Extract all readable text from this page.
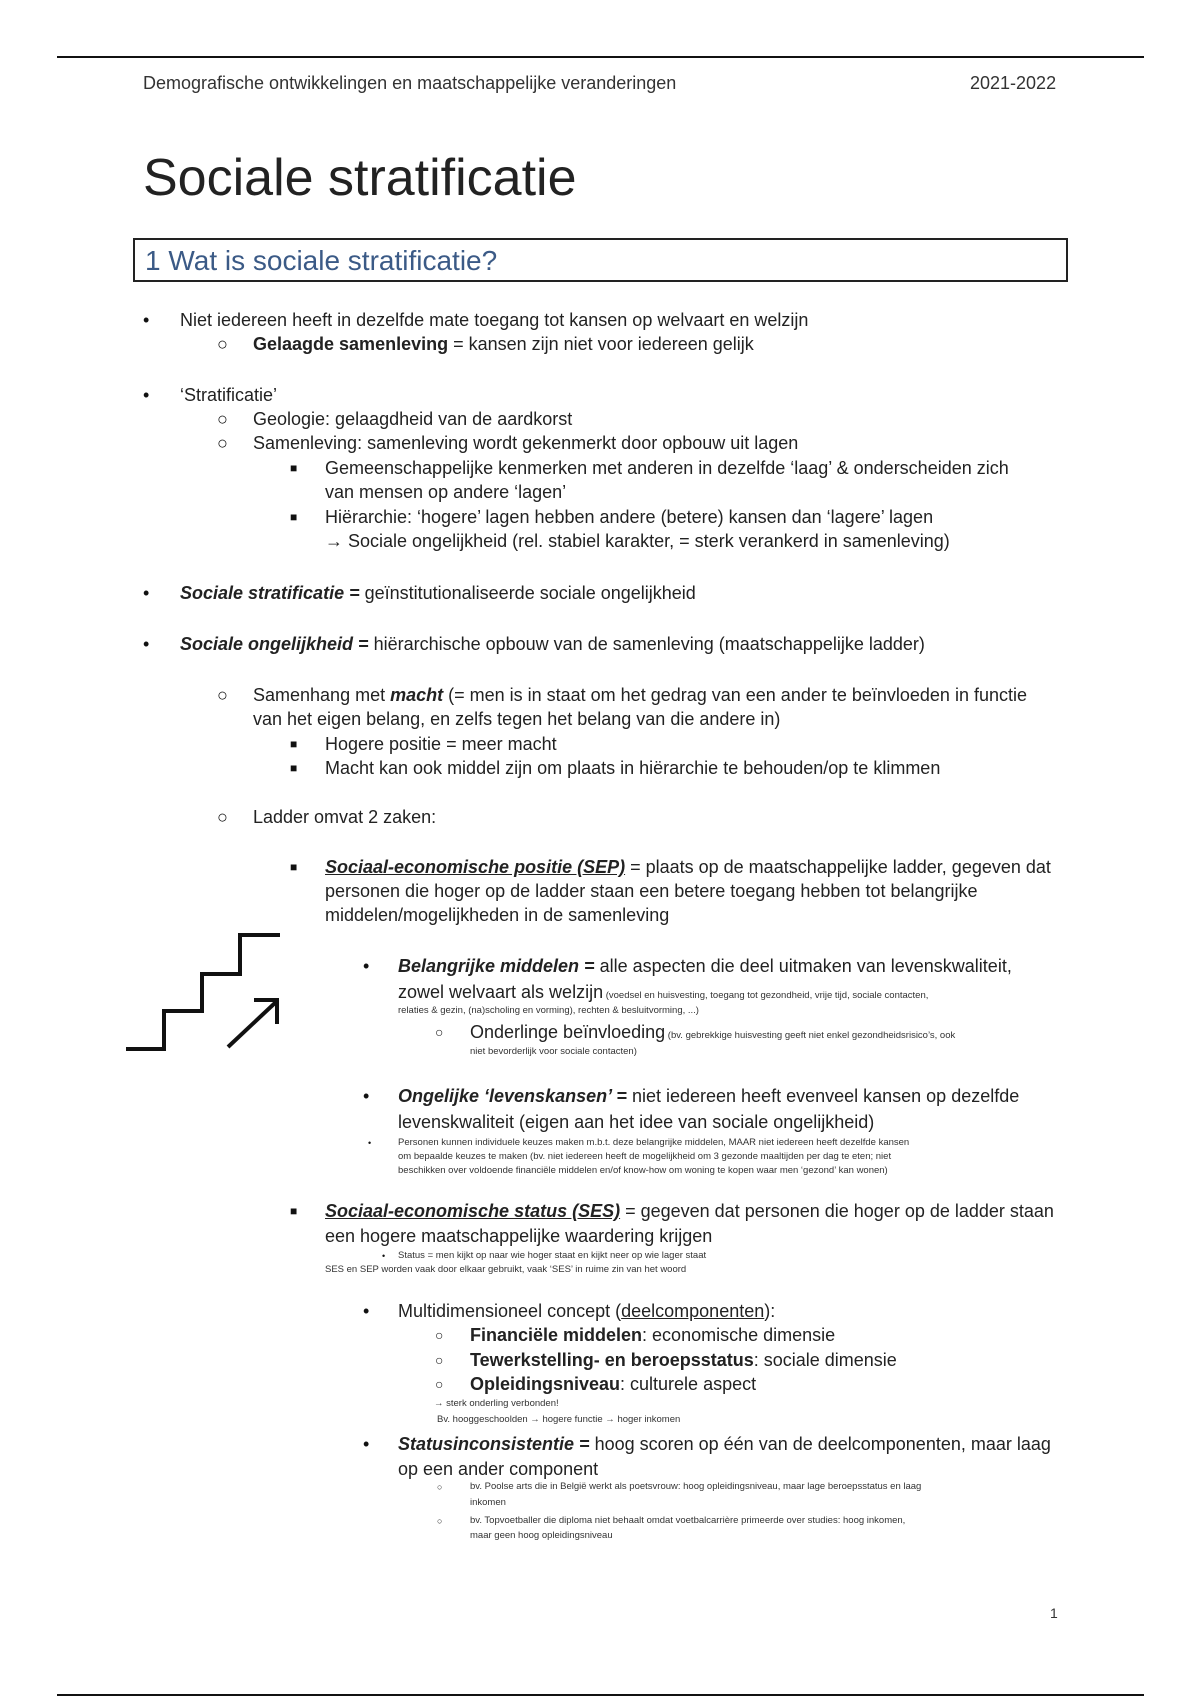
Demografische ontwikkelingen en maatschappelijke veranderingen	2021-2022
Sociale stratificatie
1 Wat is sociale stratificatie?
• Niet iedereen heeft in dezelfde mate toegang tot kansen op welvaart en welzijn
○ Gelaagde samenleving = kansen zijn niet voor iedereen gelijk
• ‘Stratificatie’
○ Geologie: gelaagdheid van de aardkorst
○ Samenleving: samenleving wordt gekenmerkt door opbouw uit lagen
■ Gemeenschappelijke kenmerken met anderen in dezelfde ‘laag’ & onderscheiden zich
van mensen op andere ‘lagen’
■ Hiërarchie: ‘hogere’ lagen hebben andere (betere) kansen dan ‘lagere’ lagen
→ Sociale ongelijkheid (rel. stabiel karakter, = sterk verankerd in samenleving)
• Sociale stratificatie = geïnstitutionaliseerde sociale ongelijkheid
• Sociale ongelijkheid = hiërarchische opbouw van de samenleving (maatschappelijke ladder)
○ Samenhang met macht (= men is in staat om het gedrag van een ander te beïnvloeden in functie
van het eigen belang, en zelfs tegen het belang van die andere in)
■ Hogere positie = meer macht
■ Macht kan ook middel zijn om plaats in hiërarchie te behouden/op te klimmen
○ Ladder omvat 2 zaken:
■ Sociaal-economische positie (SEP) = plaats op de maatschappelijke ladder, gegeven dat
personen die hoger op de ladder staan een betere toegang hebben tot belangrijke
middelen/mogelijkheden in de samenleving
• Belangrijke middelen = alle aspecten die deel uitmaken van levenskwaliteit,
zowel welvaart als welzijn (voedsel en huisvesting, toegang tot gezondheid, vrije tijd, sociale contacten,
relaties & gezin, (na)scholing en vorming), rechten & besluitvorming, ...)
○ Onderlinge beïnvloeding (bv. gebrekkige huisvesting geeft niet enkel gezondheidsrisico’s, ook
niet bevorderlijk voor sociale contacten)
• Ongelijke ‘levenskansen’ = niet iedereen heeft evenveel kansen op dezelfde
levenskwaliteit (eigen aan het idee van sociale ongelijkheid)
•	Personen kunnen individuele keuzes maken m.b.t. deze belangrijke middelen, MAAR niet iedereen heeft dezelfde kansen
om bepaalde keuzes te maken (bv. niet iedereen heeft de mogelijkheid om 3 gezonde maaltijden per dag te eten; niet
beschikken over voldoende financiële middelen en/of know-how om woning te kopen waar men ‘gezond’ kan wonen)
■ Sociaal-economische status (SES) = gegeven dat personen die hoger op de ladder staan
een hogere maatschappelijke waardering krijgen
• Status = men kijkt op naar wie hoger staat en kijkt neer op wie lager staat
SES en SEP worden vaak door elkaar gebruikt, vaak ‘SES’ in ruime zin van het woord
• Multidimensioneel concept (deelcomponenten):
○ Financiële middelen: economische dimensie
○ Tewerkstelling- en beroepsstatus: sociale dimensie
○ Opleidingsniveau: culturele aspect
→ sterk onderling verbonden!
Bv. hooggeschoolden → hogere functie → hoger inkomen
• Statusinconsistentie = hoog scoren op één van de deelcomponenten, maar laag
op een ander component
○	bv. Poolse arts die in België werkt als poetsvrouw: hoog opleidingsniveau, maar lage beroepsstatus en laag
inkomen
○	bv. Topvoetballer die diploma niet behaalt omdat voetbalcarrière primeerde over studies: hoog inkomen,
maar geen hoog opleidingsniveau
1
